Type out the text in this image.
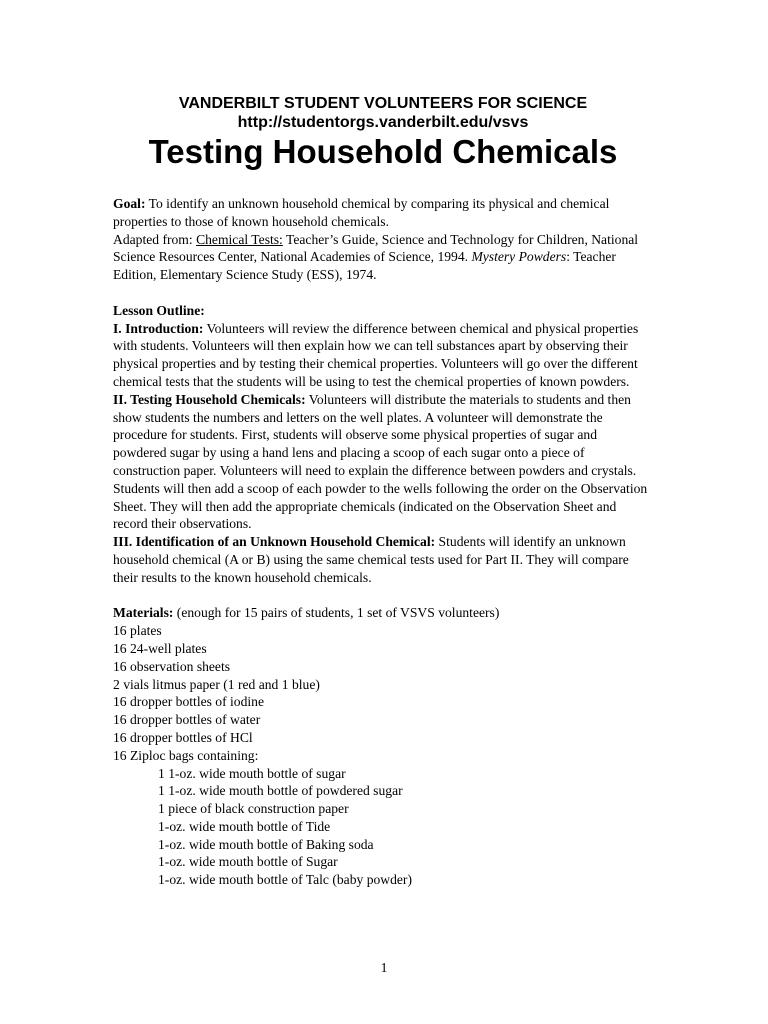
VANDERBILT STUDENT VOLUNTEERS FOR SCIENCE
http://studentorgs.vanderbilt.edu/vsvs
Testing Household Chemicals

Goal: To identify an unknown household chemical by comparing its physical and chemical properties to those of known household chemicals.

Adapted from: Chemical Tests: Teacher’s Guide, Science and Technology for Children, National Science Resources Center, National Academies of Science, 1994. Mystery Powders: Teacher Edition, Elementary Science Study (ESS), 1974.

Lesson Outline:

I. Introduction: Volunteers will review the difference between chemical and physical properties with students. Volunteers will then explain how we can tell substances apart by observing their physical properties and by testing their chemical properties. Volunteers will go over the different chemical tests that the students will be using to test the chemical properties of known powders.

II. Testing Household Chemicals: Volunteers will distribute the materials to students and then show students the numbers and letters on the well plates. A volunteer will demonstrate the procedure for students. First, students will observe some physical properties of sugar and powdered sugar by using a hand lens and placing a scoop of each sugar onto a piece of construction paper. Volunteers will need to explain the difference between powders and crystals. Students will then add a scoop of each powder to the wells following the order on the Observation Sheet. They will then add the appropriate chemicals (indicated on the Observation Sheet and record their observations.

III. Identification of an Unknown Household Chemical: Students will identify an unknown household chemical (A or B) using the same chemical tests used for Part II. They will compare their results to the known household chemicals.

Materials: (enough for 15 pairs of students, 1 set of VSVS volunteers)

16 plates
16 24-well plates
16 observation sheets
2 vials litmus paper (1 red and 1 blue)
16 dropper bottles of iodine
16 dropper bottles of water
16 dropper bottles of HCl
16 Ziploc bags containing:
1 1-oz. wide mouth bottle of sugar
1 1-oz. wide mouth bottle of powdered sugar
1 piece of black construction paper
1-oz. wide mouth bottle of Tide
1-oz. wide mouth bottle of Baking soda
1-oz. wide mouth bottle of Sugar
1-oz. wide mouth bottle of Talc (baby powder)
1
